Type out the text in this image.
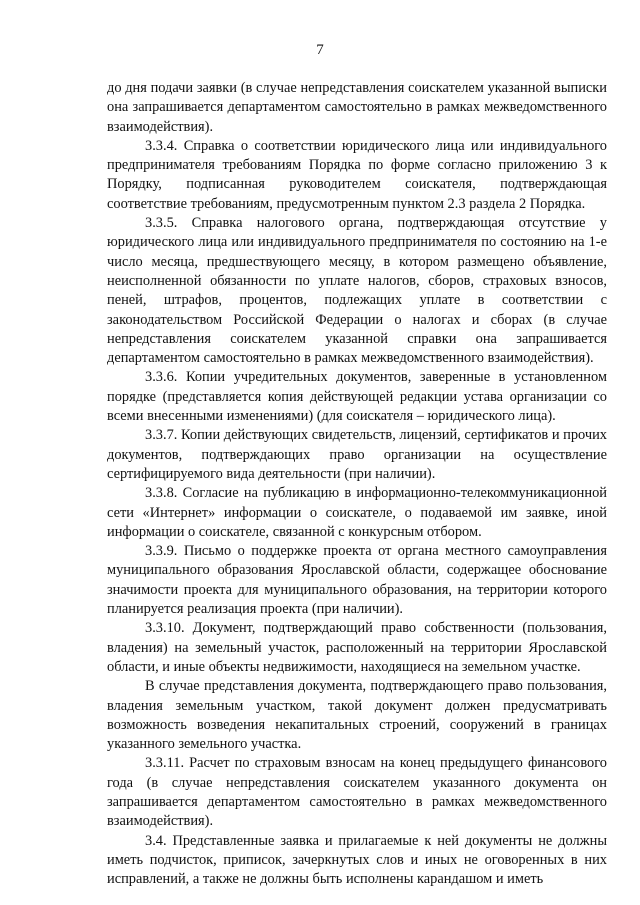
7

до дня подачи заявки (в случае непредставления соискателем указанной выписки она запрашивается департаментом самостоятельно в рамках межведомственного взаимодействия).

3.3.4. Справка о соответствии юридического лица или индивидуального предпринимателя требованиям Порядка по форме согласно приложению 3 к Порядку, подписанная руководителем соискателя, подтверждающая соответствие требованиям, предусмотренным пунктом 2.3 раздела 2 Порядка.

3.3.5. Справка налогового органа, подтверждающая отсутствие у юридического лица или индивидуального предпринимателя по состоянию на 1-е число месяца, предшествующего месяцу, в котором размещено объявление, неисполненной обязанности по уплате налогов, сборов, страховых взносов, пеней, штрафов, процентов, подлежащих уплате в соответствии с законодательством Российской Федерации о налогах и сборах (в случае непредставления соискателем указанной справки она запрашивается департаментом самостоятельно в рамках межведомственного взаимодействия).

3.3.6. Копии учредительных документов, заверенные в установленном порядке (представляется копия действующей редакции устава организации со всеми внесенными изменениями) (для соискателя – юридического лица).

3.3.7. Копии действующих свидетельств, лицензий, сертификатов и прочих документов, подтверждающих право организации на осуществление сертифицируемого вида деятельности (при наличии).

3.3.8. Согласие на публикацию в информационно-телекоммуникационной сети «Интернет» информации о соискателе, о подаваемой им заявке, иной информации о соискателе, связанной с конкурсным отбором.

3.3.9. Письмо о поддержке проекта от органа местного самоуправления муниципального образования Ярославской области, содержащее обоснование значимости проекта для муниципального образования, на территории которого планируется реализация проекта (при наличии).

3.3.10. Документ, подтверждающий право собственности (пользования, владения) на земельный участок, расположенный на территории Ярославской области, и иные объекты недвижимости, находящиеся на земельном участке.

В случае представления документа, подтверждающего право пользования, владения земельным участком, такой документ должен предусматривать возможность возведения некапитальных строений, сооружений в границах указанного земельного участка.

3.3.11. Расчет по страховым взносам на конец предыдущего финансового года (в случае непредставления соискателем указанного документа он запрашивается департаментом самостоятельно в рамках межведомственного взаимодействия).

3.4. Представленные заявка и прилагаемые к ней документы не должны иметь подчисток, приписок, зачеркнутых слов и иных не оговоренных в них исправлений, а также не должны быть исполнены карандашом и иметь
